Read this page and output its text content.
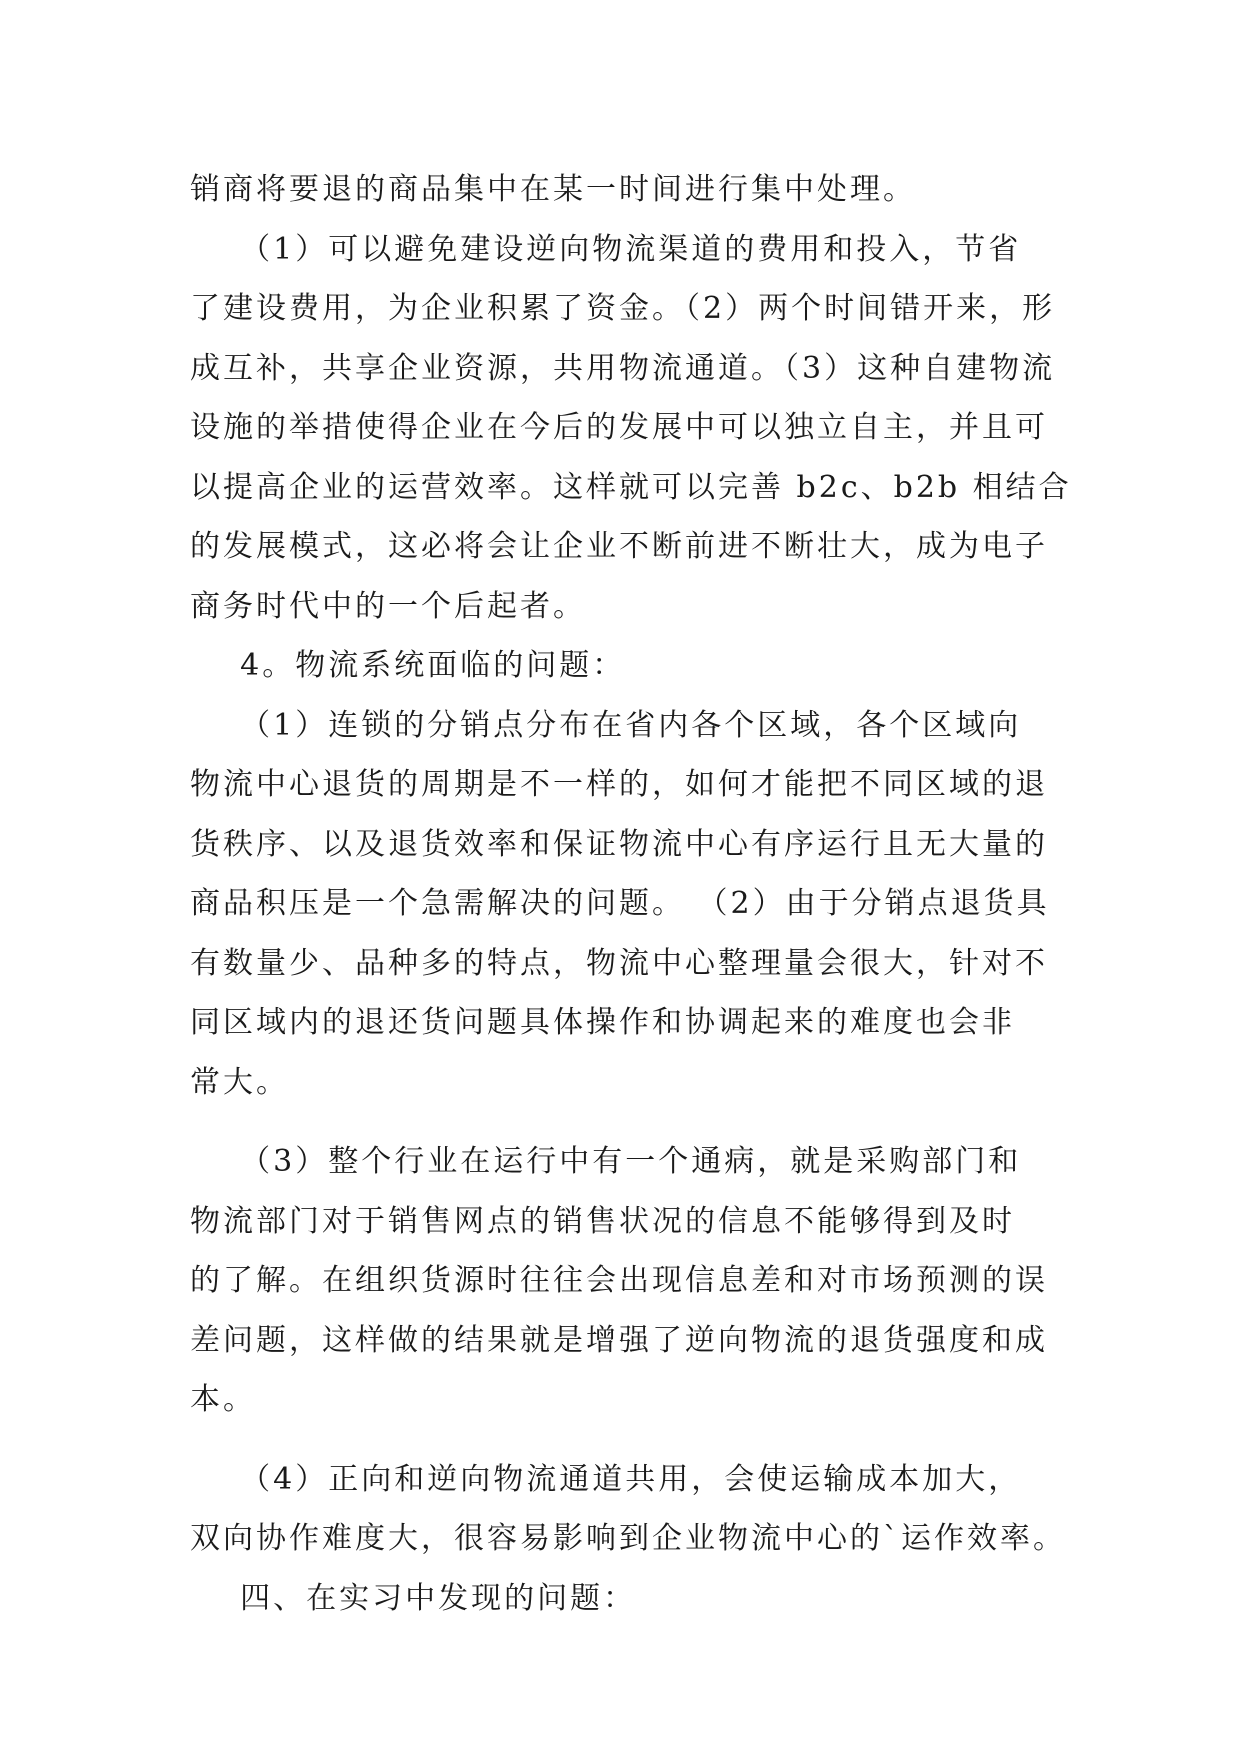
销商将要退的商品集中在某一时间进行集中处理。
（1）可以避免建设逆向物流渠道的费用和投入，节省
了建设费用，为企业积累了资金。（2）两个时间错开来，形
成互补，共享企业资源，共用物流通道。（3）这种自建物流
设施的举措使得企业在今后的发展中可以独立自主，并且可
以提高企业的运营效率。这样就可以完善 b2c、b2b 相结合
的发展模式，这必将会让企业不断前进不断壮大，成为电子
商务时代中的一个后起者。
4。物流系统面临的问题：
（1）连锁的分销点分布在省内各个区域，各个区域向
物流中心退货的周期是不一样的，如何才能把不同区域的退
货秩序、以及退货效率和保证物流中心有序运行且无大量的
商品积压是一个急需解决的问题。 （2）由于分销点退货具
有数量少、品种多的特点，物流中心整理量会很大，针对不
同区域内的退还货问题具体操作和协调起来的难度也会非
常大。
（3）整个行业在运行中有一个通病，就是采购部门和
物流部门对于销售网点的销售状况的信息不能够得到及时
的了解。在组织货源时往往会出现信息差和对市场预测的误
差问题，这样做的结果就是增强了逆向物流的退货强度和成
本。
（4）正向和逆向物流通道共用，会使运输成本加大，
双向协作难度大，很容易影响到企业物流中心的`运作效率。
四、在实习中发现的问题：
